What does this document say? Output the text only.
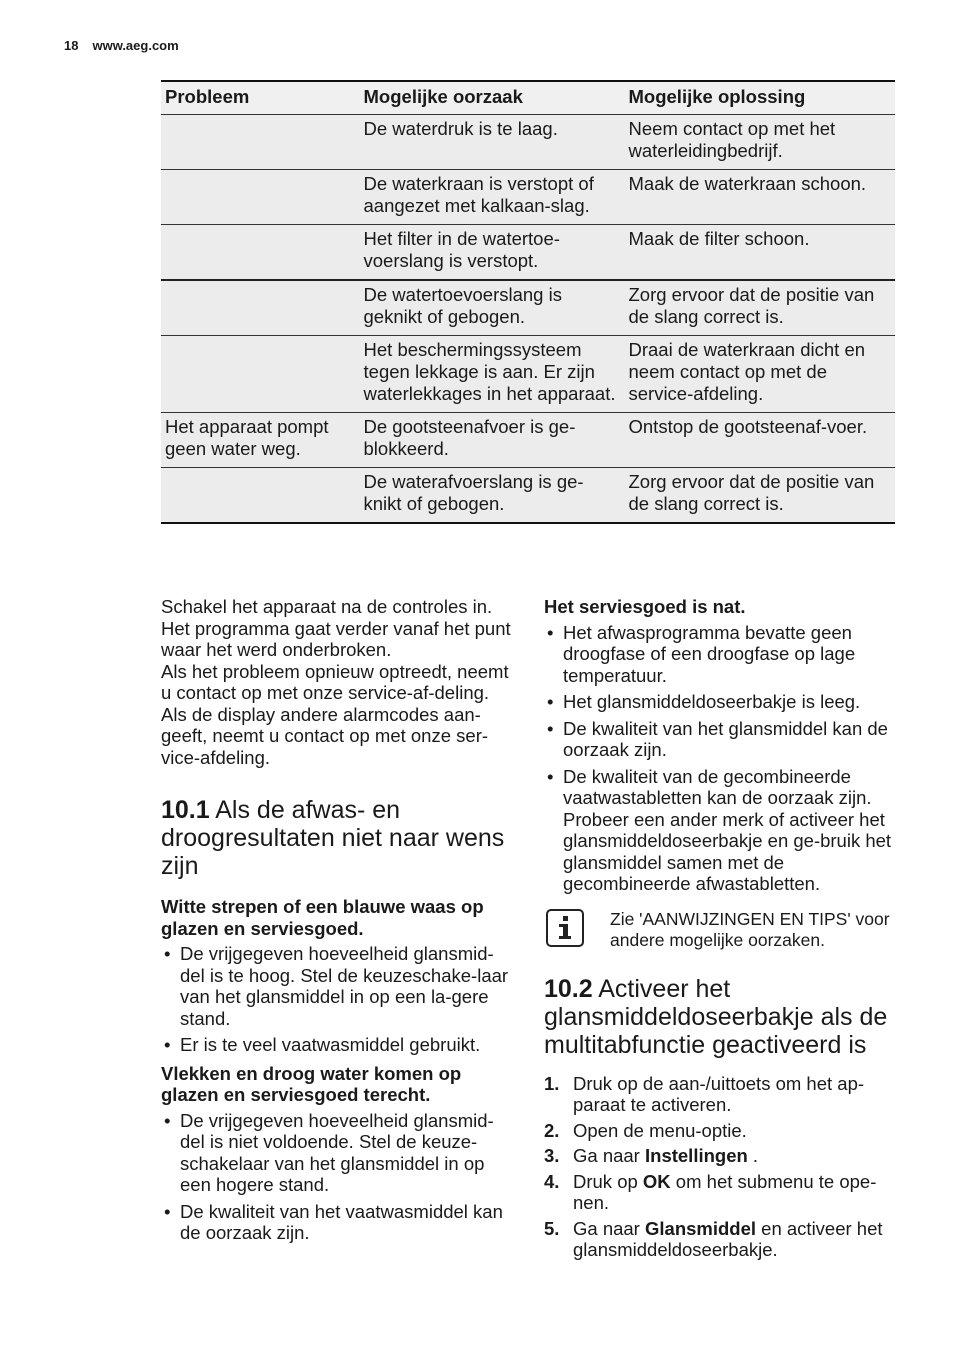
18 www.aeg.com
Probleem	Mogelijke oorzaak	Mogelijke oplossing
	De waterdruk is te laag.	Neem contact op met het waterleidingbedrijf.
	De waterkraan is verstopt of aangezet met kalkaan-slag.	Maak de waterkraan schoon.
	Het filter in de watertoe-voerslang is verstopt.	Maak de filter schoon.
	De watertoevoerslang is geknikt of gebogen.	Zorg ervoor dat de positie van de slang correct is.
	Het beschermingssysteem tegen lekkage is aan. Er zijn waterlekkages in het apparaat.	Draai de waterkraan dicht en neem contact op met de service-afdeling.
Het apparaat pompt geen water weg.	De gootsteenafvoer is ge-blokkeerd.	Ontstop de gootsteenaf-voer.
	De waterafvoerslang is ge-knikt of gebogen.	Zorg ervoor dat de positie van de slang correct is.

Schakel het apparaat na de controles in.

Het programma gaat verder vanaf het punt waar het werd onderbroken.

Als het probleem opnieuw optreedt, neemt u contact op met onze service-af-deling.

Als de display andere alarmcodes aan-geeft, neemt u contact op met onze ser-vice-afdeling.

10.1 Als de afwas- en droogresultaten niet naar wens zijn

Witte strepen of een blauwe waas op glazen en serviesgoed.

• De vrijgegeven hoeveelheid glansmid-del is te hoog. Stel de keuzeschake-laar van het glansmiddel in op een la-gere stand.
• Er is te veel vaatwasmiddel gebruikt.

Vlekken en droog water komen op glazen en serviesgoed terecht.

• De vrijgegeven hoeveelheid glansmid-del is niet voldoende. Stel de keuze-schakelaar van het glansmiddel in op een hogere stand.
• De kwaliteit van het vaatwasmiddel kan de oorzaak zijn.

Het serviesgoed is nat.

• Het afwasprogramma bevatte geen droogfase of een droogfase op lage temperatuur.
• Het glansmiddeldoseerbakje is leeg.
• De kwaliteit van het glansmiddel kan de oorzaak zijn.
• De kwaliteit van de gecombineerde vaatwastabletten kan de oorzaak zijn. Probeer een ander merk of activeer het glansmiddeldoseerbakje en ge-bruik het glansmiddel samen met de gecombineerde afwastabletten.

Zie 'AANWIJZINGEN EN TIPS' voor andere mogelijke oorzaken.

10.2 Activeer het glansmiddeldoseerbakje als de multitabfunctie geactiveerd is
1. Druk op de aan-/uittoets om het ap-paraat te activeren.
2. Open de menu-optie.
3. Ga naar Instellingen .
4. Druk op OK om het submenu te ope-nen.
5. Ga naar Glansmiddel en activeer het glansmiddeldoseerbakje.
